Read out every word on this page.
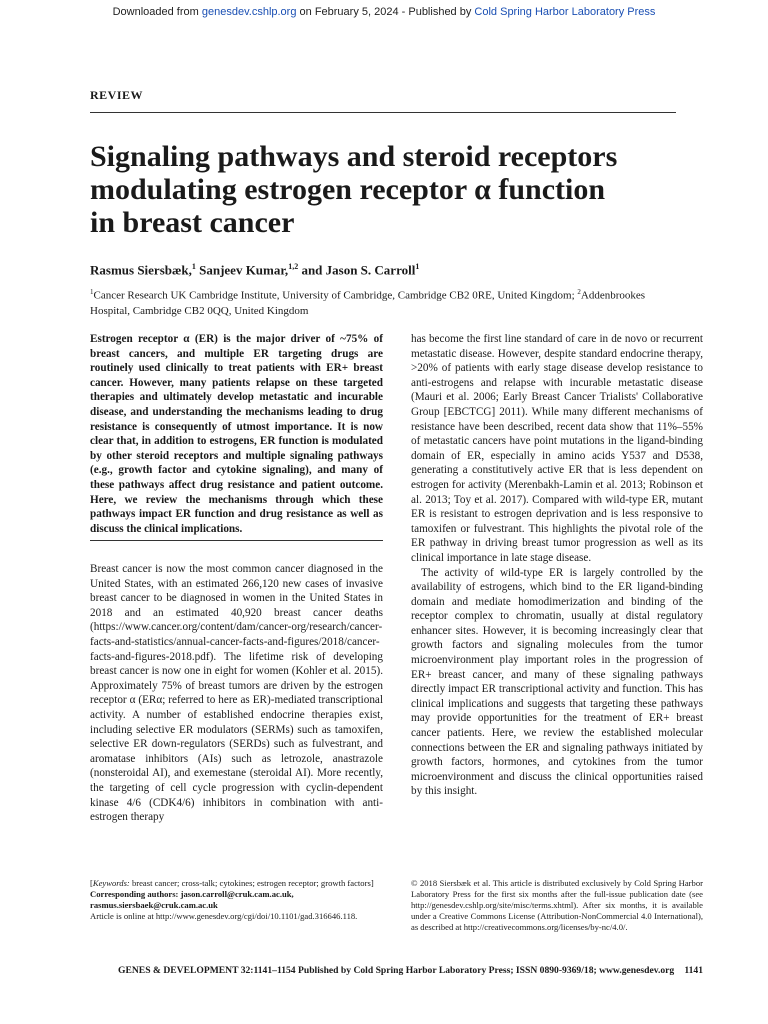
Downloaded from genesdev.cshlp.org on February 5, 2024 - Published by Cold Spring Harbor Laboratory Press
REVIEW
Signaling pathways and steroid receptors
modulating estrogen receptor α function
in breast cancer
Rasmus Siersbæk,$^1$ Sanjeev Kumar,$^{1,2}$ and Jason S. Carroll$^1$
$^1$Cancer Research UK Cambridge Institute, University of Cambridge, Cambridge CB2 0RE, United Kingdom; $^2$Addenbrookes Hospital, Cambridge CB2 0QQ, United Kingdom

Estrogen receptor α (ER) is the major driver of ~75% of breast cancers, and multiple ER targeting drugs are routinely used clinically to treat patients with ER+ breast cancer. However, many patients relapse on these targeted therapies and ultimately develop metastatic and incurable disease, and understanding the mechanisms leading to drug resistance is consequently of utmost importance. It is now clear that, in addition to estrogens, ER function is modulated by other steroid receptors and multiple signaling pathways (e.g., growth factor and cytokine signaling), and many of these pathways affect drug resistance and patient outcome. Here, we review the mechanisms through which these pathways impact ER function and drug resistance as well as discuss the clinical implications.

Breast cancer is now the most common cancer diagnosed in the United States, with an estimated 266,120 new cases of invasive breast cancer to be diagnosed in women in the United States in 2018 and an estimated 40,920 breast cancer deaths (https://www.cancer.org/content/dam/cancer-org/research/cancer-facts-and-statistics/annual-cancer-facts-and-figures/2018/cancer-facts-and-figures-2018.pdf). The lifetime risk of developing breast cancer is now one in eight for women (Kohler et al. 2015). Approximately 75% of breast tumors are driven by the estrogen receptor α (ERα; referred to here as ER)-mediated transcriptional activity. A number of established endocrine therapies exist, including selective ER modulators (SERMs) such as tamoxifen, selective ER down-regulators (SERDs) such as fulvestrant, and aromatase inhibitors (AIs) such as letrozole, anastrazole (nonsteroidal AI), and exemestane (steroidal AI). More recently, the targeting of cell cycle progression with cyclin-dependent kinase 4/6 (CDK4/6) inhibitors in combination with anti-estrogen therapy

has become the first line standard of care in de novo or recurrent metastatic disease. However, despite standard endocrine therapy, >20% of patients with early stage disease develop resistance to anti-estrogens and relapse with incurable metastatic disease (Mauri et al. 2006; Early Breast Cancer Trialists' Collaborative Group [EBCTCG] 2011). While many different mechanisms of resistance have been described, recent data show that 11%–55% of metastatic cancers have point mutations in the ligand-binding domain of ER, especially in amino acids Y537 and D538, generating a constitutively active ER that is less dependent on estrogen for activity (Merenbakh-Lamin et al. 2013; Robinson et al. 2013; Toy et al. 2017). Compared with wild-type ER, mutant ER is resistant to estrogen deprivation and is less responsive to tamoxifen or fulvestrant. This highlights the pivotal role of the ER pathway in driving breast tumor progression as well as its clinical importance in late stage disease.

The activity of wild-type ER is largely controlled by the availability of estrogens, which bind to the ER ligand-binding domain and mediate homodimerization and binding of the receptor complex to chromatin, usually at distal regulatory enhancer sites. However, it is becoming increasingly clear that growth factors and signaling molecules from the tumor microenvironment play important roles in the progression of ER+ breast cancer, and many of these signaling pathways directly impact ER transcriptional activity and function. This has clinical implications and suggests that targeting these pathways may provide opportunities for the treatment of ER+ breast cancer patients. Here, we review the established molecular connections between the ER and signaling pathways initiated by growth factors, hormones, and cytokines from the tumor microenvironment and discuss the clinical opportunities raised by this insight.

[Keywords: breast cancer; cross-talk; cytokines; estrogen receptor; growth factors]
Corresponding authors: jason.carroll@cruk.cam.ac.uk, rasmus.siersbaek@cruk.cam.ac.uk
Article is online at http://www.genesdev.org/cgi/doi/10.1101/gad.316646.118.
© 2018 Siersbæk et al. This article is distributed exclusively by Cold Spring Harbor Laboratory Press for the first six months after the full-issue publication date (see http://genesdev.cshlp.org/site/misc/terms.xhtml). After six months, it is available under a Creative Commons License (Attribution-NonCommercial 4.0 International), as described at http://creativecommons.org/licenses/by-nc/4.0/.
GENES & DEVELOPMENT 32:1141–1154 Published by Cold Spring Harbor Laboratory Press; ISSN 0890-9369/18; www.genesdev.org 1141
